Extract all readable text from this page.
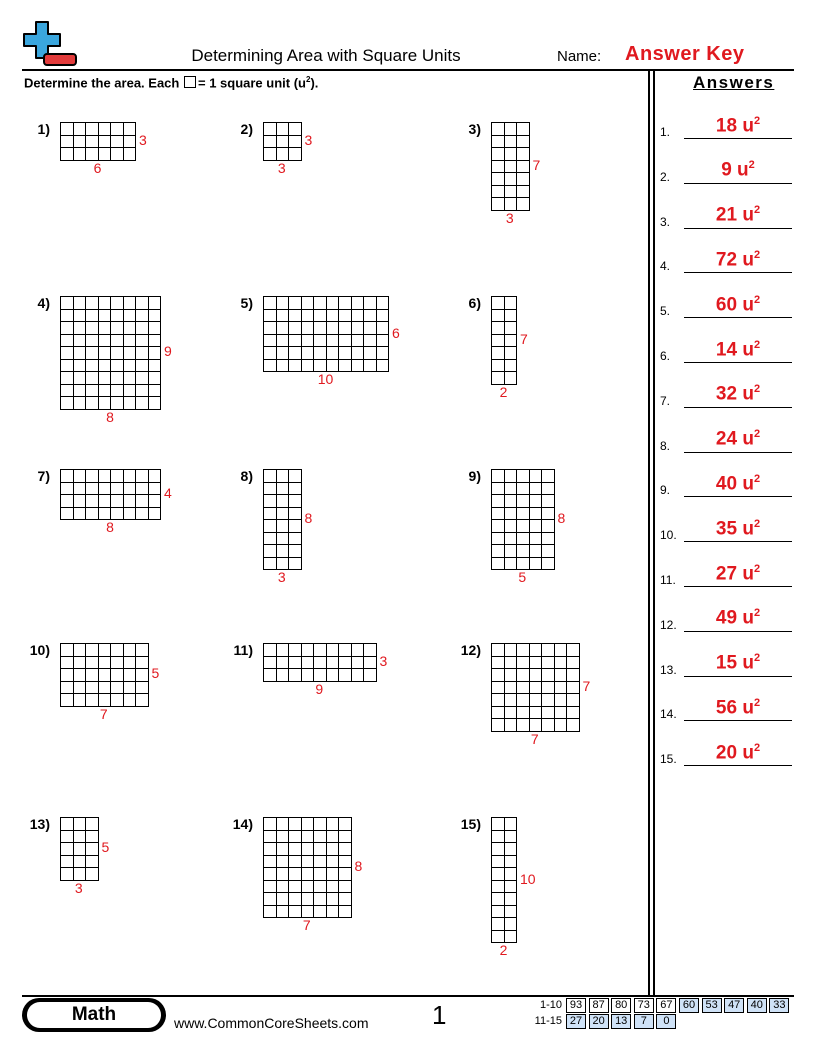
Determining Area with Square Units	Name: Answer Key
Determine the area. Each = 1 square unit $(u^2)$.	Answers
1)
3
6
2)
3
3
3)
7
3
4)
9
8
5)
6
10
6)
7
2
7)
4
8
8)
8
3
9)
8
5
10)
5
7
11)
3
9
12)
7
7
13)
5
3
14)
8
7
15)
10
2
1.	18 $u^2$
2.	9 $u^2$
3.	21 $u^2$
4.	72 $u^2$
5.	60 $u^2$
6.	14 $u^2$
7.	32 $u^2$
8.	24 $u^2$
9.	40 $u^2$
10.	35 $u^2$
11.	27 $u^2$
12.	49 $u^2$
13.	15 $u^2$
14.	56 $u^2$
15.	20 $u^2$
Math	www.CommonCoreSheets.com 1	1-10 93 87 80 73 67 60 53 47 40 33
11-15 27 20 13	7	0
